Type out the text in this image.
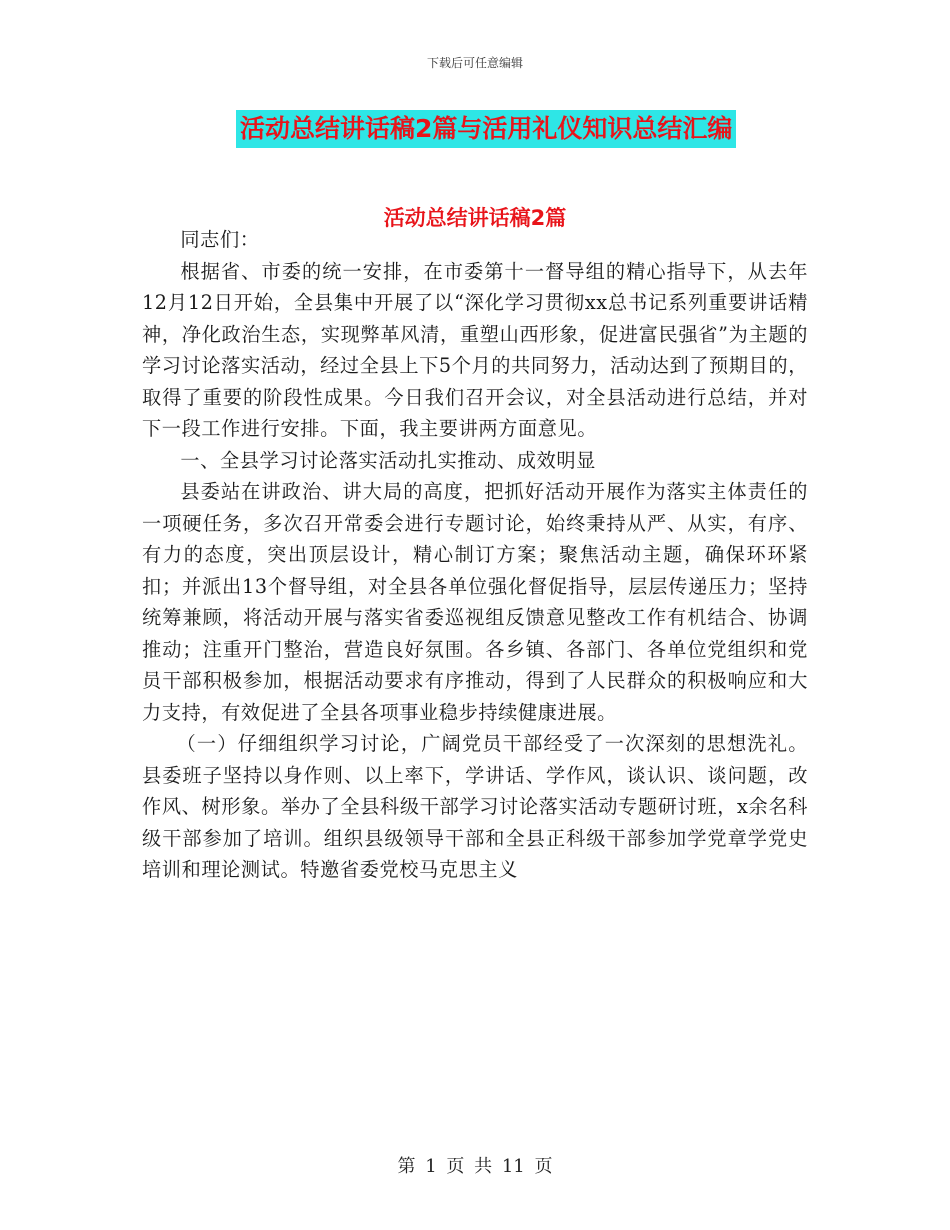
下载后可任意编辑
活动总结讲话稿2篇与活用礼仪知识总结汇编
活动总结讲话稿2篇

同志们：

根据省、市委的统一安排，在市委第十一督导组的精心指导下，从去年12月12日开始，全县集中开展了以“深化学习贯彻xx总书记系列重要讲话精神，净化政治生态，实现弊革风清，重塑山西形象，促进富民强省”为主题的学习讨论落实活动，经过全县上下5个月的共同努力，活动达到了预期目的，取得了重要的阶段性成果。今日我们召开会议，对全县活动进行总结，并对下一段工作进行安排。下面，我主要讲两方面意见。

一、全县学习讨论落实活动扎实推动、成效明显

县委站在讲政治、讲大局的高度，把抓好活动开展作为落实主体责任的一项硬任务，多次召开常委会进行专题讨论，始终秉持从严、从实，有序、有力的态度，突出顶层设计，精心制订方案；聚焦活动主题，确保环环紧扣；并派出13个督导组，对全县各单位强化督促指导，层层传递压力；坚持统筹兼顾，将活动开展与落实省委巡视组反馈意见整改工作有机结合、协调推动；注重开门整治，营造良好氛围。各乡镇、各部门、各单位党组织和党员干部积极参加，根据活动要求有序推动，得到了人民群众的积极响应和大力支持，有效促进了全县各项事业稳步持续健康进展。

（一）仔细组织学习讨论，广阔党员干部经受了一次深刻的思想洗礼。县委班子坚持以身作则、以上率下，学讲话、学作风，谈认识、谈问题，改作风、树形象。举办了全县科级干部学习讨论落实活动专题研讨班，x余名科级干部参加了培训。组织县级领导干部和全县正科级干部参加学党章学党史培训和理论测试。特邀省委党校马克思主义

第 1 页 共 11 页
